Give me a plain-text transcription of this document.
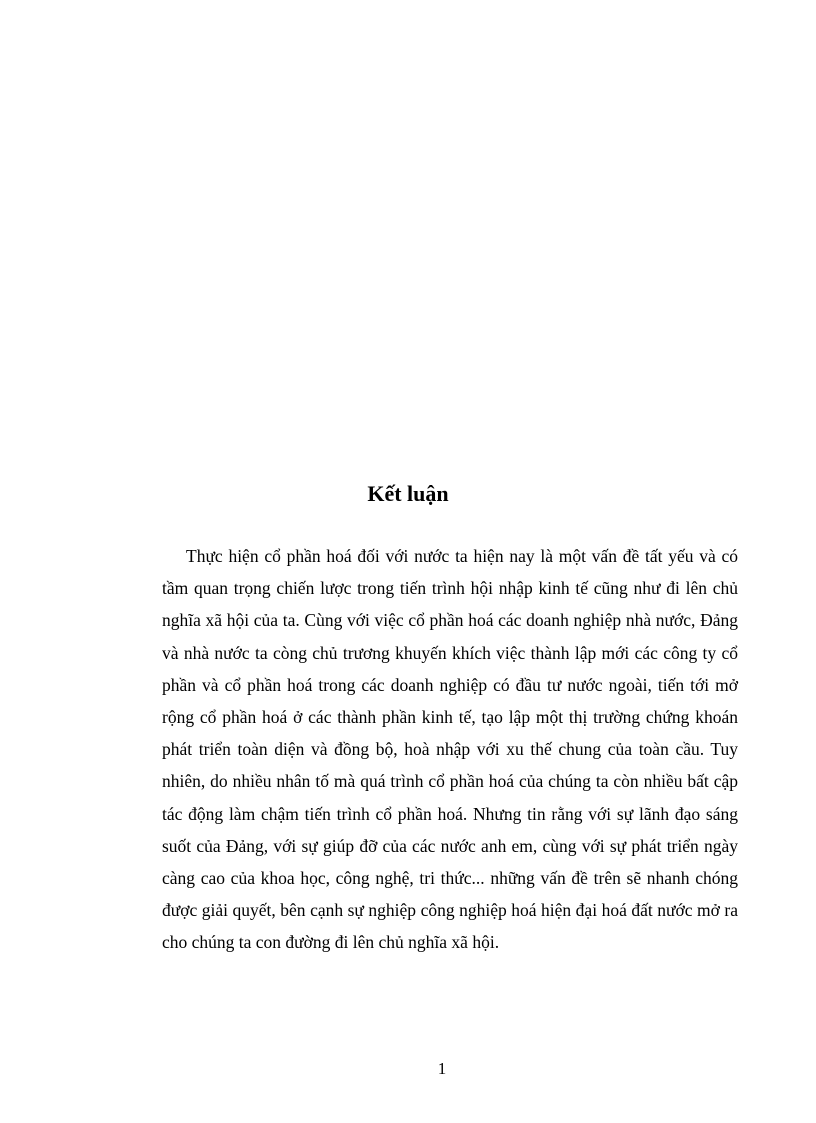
Kết luận

Thực hiện cổ phần hoá đối với nước ta hiện nay là một vấn đề tất yếu và có tầm quan trọng chiến lược trong tiến trình hội nhập kinh tế cũng như đi lên chủ nghĩa xã hội của ta. Cùng với việc cổ phần hoá các doanh nghiệp nhà nước, Đảng và nhà nước ta còng chủ trương khuyến khích việc thành lập mới các công ty cổ phần và cổ phần hoá trong các doanh nghiệp có đầu tư nước ngoài, tiến tới mở rộng cổ phần hoá ở các thành phần kinh tế, tạo lập một thị trường chứng khoán phát triển toàn diện và đồng bộ, hoà nhập với xu thế chung của toàn cầu. Tuy nhiên, do nhiều nhân tố mà quá trình cổ phần hoá của chúng ta còn nhiều bất cập tác động làm chậm tiến trình cổ phần hoá. Nhưng tin rằng với sự lãnh đạo sáng suốt của Đảng, với sự giúp đỡ của các nước anh em, cùng với sự phát triển ngày càng cao của khoa học, công nghệ, tri thức... những vấn đề trên sẽ nhanh chóng được giải quyết, bên cạnh sự nghiệp công nghiệp hoá hiện đại hoá đất nước mở ra cho chúng ta con đường đi lên chủ nghĩa xã hội.

1
